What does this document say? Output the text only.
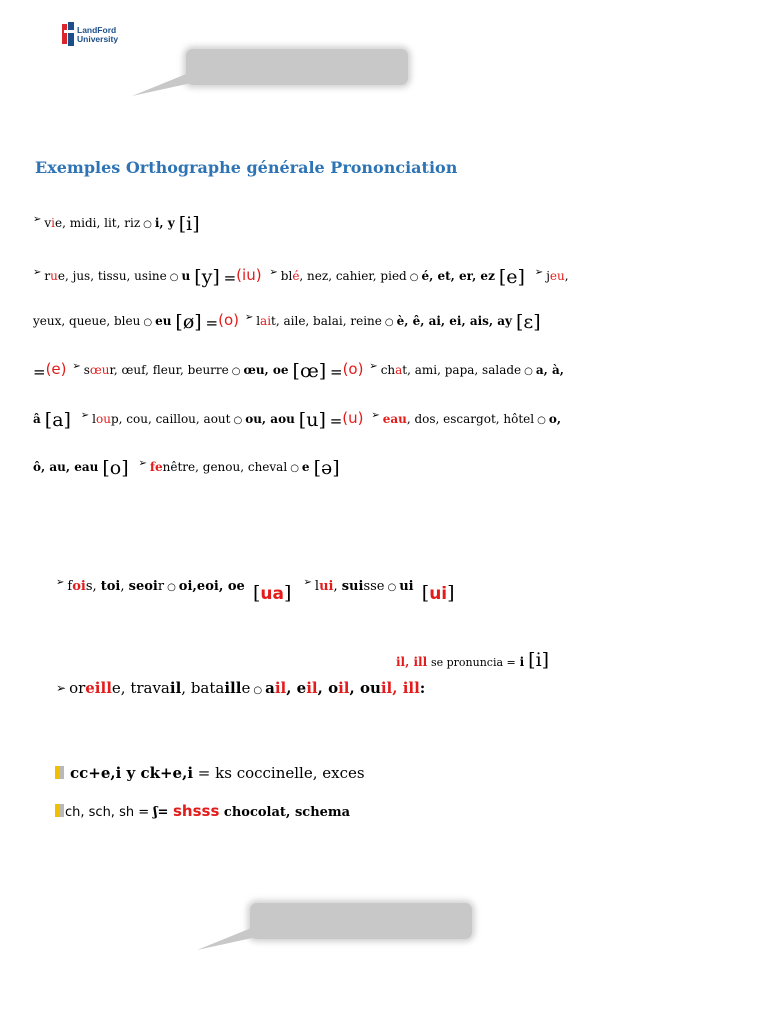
LandFord
University
Exemples Orthographe générale Prononciation
➢ vie, midi, lit, riz ○ i, y [i]
➢ rue, jus, tissu, usine ○ u [y] =(iu) ➢ blé, nez, cahier, pied ○ é, et, er, ez [e] ➢ jeu,
yeux, queue, bleu ○ eu [ø] =(o) ➢ lait, aile, balai, reine ○ è, ê, ai, ei, ais, ay [ɛ]
=(e) ➢ sœur, œuf, fleur, beurre ○ œu, oe [œ] =(o) ➢ chat, ami, papa, salade ○ a, à,
â [a] ➢ loup, cou, caillou, aout ○ ou, aou [u] =(u) ➢ eau, dos, escargot, hôtel ○ o,
ô, au, eau [o] ➢ fenêtre, genou, cheval ○ e [ə]
➢ fois, toi, seoir ○ oi,eoi, oe [ua] ➢ lui, suisse ○ ui [ui]
il, ill se pronuncia = i [i]
➢ oreille, travail, bataille ○ ail, eil, oil, ouil, ill:
cc+e,i y ck+e,i = ks coccinelle, exces
ch, sch, sh = ʃ= shsss chocolat, schema
